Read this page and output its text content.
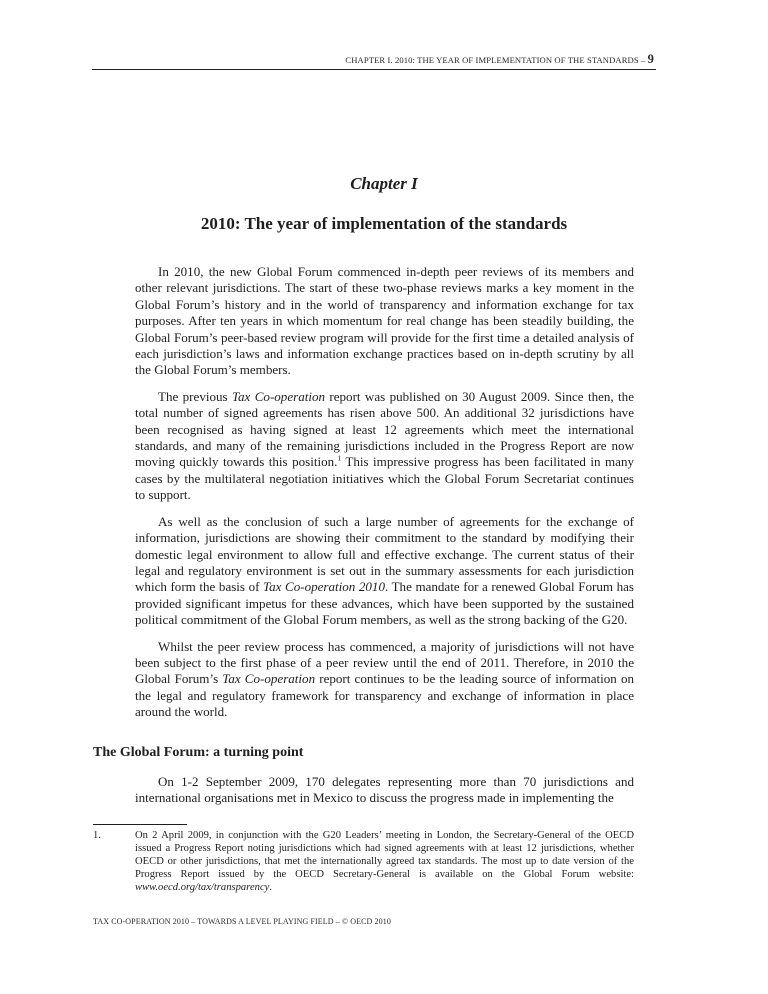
CHAPTER I. 2010: THE YEAR OF IMPLEMENTATION OF THE STANDARDS – 9
Chapter I
2010: The year of implementation of the standards

In 2010, the new Global Forum commenced in-depth peer reviews of its members and other relevant jurisdictions. The start of these two-phase reviews marks a key moment in the Global Forum’s history and in the world of transparency and information exchange for tax purposes. After ten years in which momentum for real change has been steadily building, the Global Forum’s peer-based review program will provide for the first time a detailed analysis of each jurisdiction’s laws and information exchange practices based on in-depth scrutiny by all the Global Forum’s members.

The previous Tax Co-operation report was published on 30 August 2009. Since then, the total number of signed agreements has risen above 500. An additional 32 jurisdictions have been recognised as having signed at least 12 agreements which meet the international standards, and many of the remaining jurisdictions included in the Progress Report are now moving quickly towards this position.$^1$ This impressive progress has been facilitated in many cases by the multilateral negotiation initiatives which the Global Forum Secretariat continues to support.

As well as the conclusion of such a large number of agreements for the exchange of information, jurisdictions are showing their commitment to the standard by modifying their domestic legal environment to allow full and effective exchange. The current status of their legal and regulatory environment is set out in the summary assessments for each jurisdiction which form the basis of Tax Co-operation 2010. The mandate for a renewed Global Forum has provided significant impetus for these advances, which have been supported by the sustained political commitment of the Global Forum members, as well as the strong backing of the G20.

Whilst the peer review process has commenced, a majority of jurisdictions will not have been subject to the first phase of a peer review until the end of 2011. Therefore, in 2010 the Global Forum’s Tax Co-operation report continues to be the leading source of information on the legal and regulatory framework for transparency and exchange of information in place around the world.

The Global Forum: a turning point

On 1-2 September 2009, 170 delegates representing more than 70 jurisdictions and international organisations met in Mexico to discuss the progress made in implementing the

1.	On 2 April 2009, in conjunction with the G20 Leaders’ meeting in London, the Secretary-General of the OECD issued a Progress Report noting jurisdictions which had signed agreements with at least 12 jurisdictions, whether OECD or other jurisdictions, that met the internationally agreed tax standards. The most up to date version of the Progress Report issued by the OECD Secretary-General is available on the Global Forum website: www.oecd.org/tax/transparency.
TAX CO-OPERATION 2010 – TOWARDS A LEVEL PLAYING FIELD – © OECD 2010
